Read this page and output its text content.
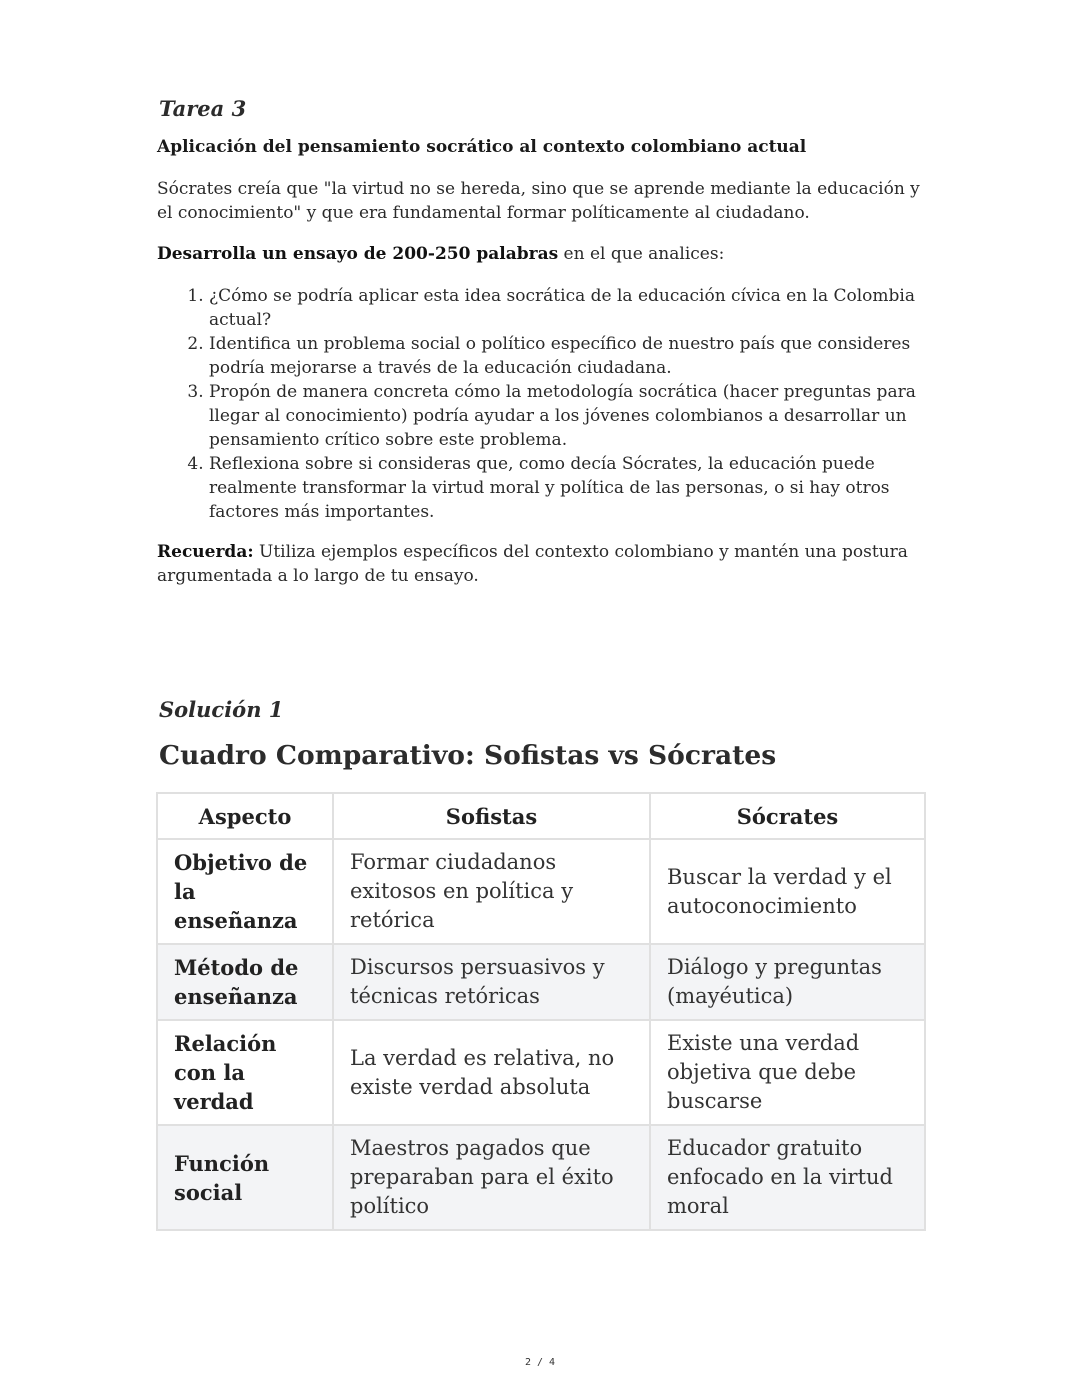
Tarea 3
Aplicación del pensamiento socrático al contexto colombiano actual
Sócrates creía que "la virtud no se hereda, sino que se aprende mediante la educación y el conocimiento" y que era fundamental formar políticamente al ciudadano.
Desarrolla un ensayo de 200-250 palabras en el que analices:
1. ¿Cómo se podría aplicar esta idea socrática de la educación cívica en la Colombia actual?
2. Identifica un problema social o político específico de nuestro país que consideres podría mejorarse a través de la educación ciudadana.
3. Propón de manera concreta cómo la metodología socrática (hacer preguntas para llegar al conocimiento) podría ayudar a los jóvenes colombianos a desarrollar un pensamiento crítico sobre este problema.
4. Reflexiona sobre si consideras que, como decía Sócrates, la educación puede realmente transformar la virtud moral y política de las personas, o si hay otros factores más importantes.
Recuerda: Utiliza ejemplos específicos del contexto colombiano y mantén una postura argumentada a lo largo de tu ensayo.
Solución 1
Cuadro Comparativo: Sofistas vs Sócrates
Aspecto	Sofistas	Sócrates
Objetivo de la enseñanza	Formar ciudadanos exitosos en política y retórica	Buscar la verdad y el autoconocimiento
Método de enseñanza	Discursos persuasivos y técnicas retóricas	Diálogo y preguntas (mayéutica)
Relación con la verdad	La verdad es relativa, no existe verdad absoluta	Existe una verdad objetiva que debe buscarse
Función social	Maestros pagados que preparaban para el éxito político	Educador gratuito enfocado en la virtud moral
2 / 4
